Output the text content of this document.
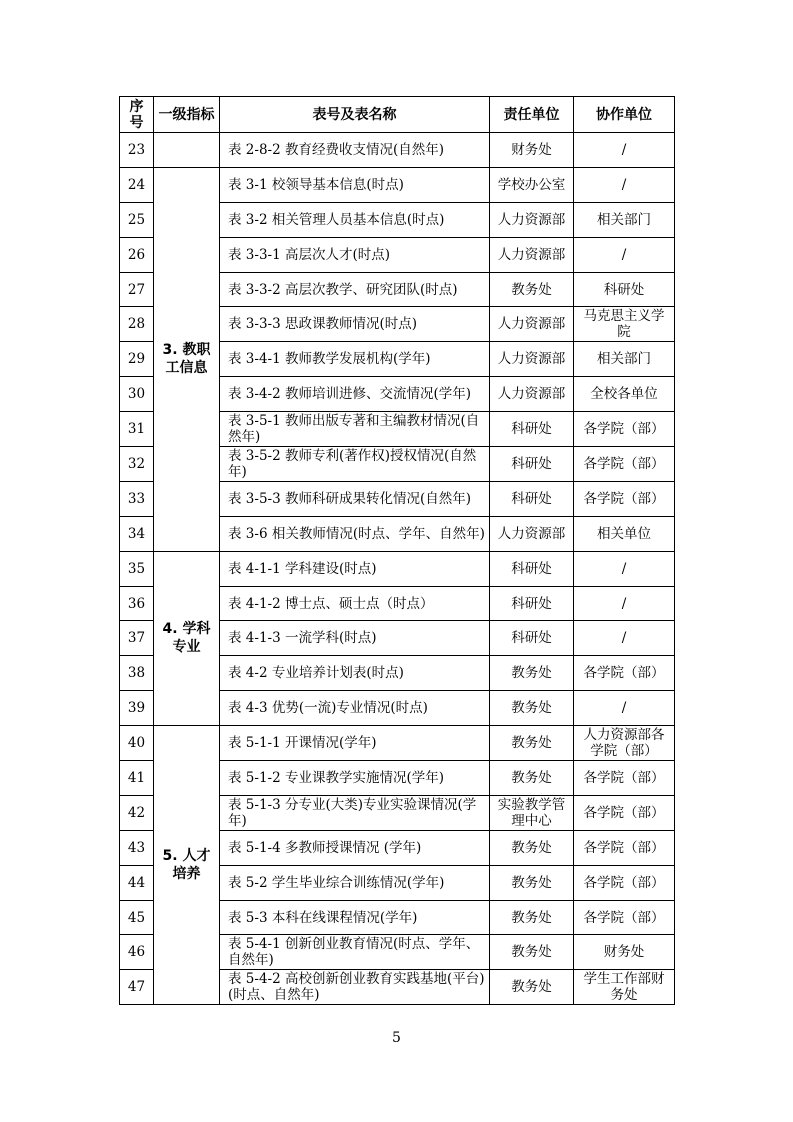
序号	一级指标	表号及表名称	责任单位	协作单位
23		表 2-8-2 教育经费收支情况(自然年)	财务处	/
24	3. 教职工信息	表 3-1 校领导基本信息(时点)	学校办公室	/
25		表 3-2 相关管理人员基本信息(时点)	人力资源部	相关部门
26		表 3-3-1 高层次人才(时点)	人力资源部	/
27		表 3-3-2 高层次教学、研究团队(时点)	教务处	科研处
28		表 3-3-3 思政课教师情况(时点)	人力资源部	马克思主义学院
29		表 3-4-1 教师教学发展机构(学年)	人力资源部	相关部门
30		表 3-4-2 教师培训进修、交流情况(学年)	人力资源部	全校各单位
31		表 3-5-1 教师出版专著和主编教材情况(自然年)	科研处	各学院（部）
32		表 3-5-2 教师专利(著作权)授权情况(自然年)	科研处	各学院（部）
33		表 3-5-3 教师科研成果转化情况(自然年)	科研处	各学院（部）
34		表 3-6 相关教师情况(时点、学年、自然年)	人力资源部	相关单位
35	4. 学科专业	表 4-1-1 学科建设(时点)	科研处	/
36		表 4-1-2 博士点、硕士点（时点）	科研处	/
37		表 4-1-3 一流学科(时点)	科研处	/
38		表 4-2 专业培养计划表(时点)	教务处	各学院（部）
39		表 4-3 优势(一流)专业情况(时点)	教务处	/
40	5. 人才培养	表 5-1-1 开课情况(学年)	教务处	人力资源部各学院（部）
41		表 5-1-2 专业课教学实施情况(学年)	教务处	各学院（部）
42		表 5-1-3 分专业(大类)专业实验课情况(学年)	实验教学管理中心	各学院（部）
43		表 5-1-4 多教师授课情况 (学年)	教务处	各学院（部）
44		表 5-2 学生毕业综合训练情况(学年)	教务处	各学院（部）
45		表 5-3 本科在线课程情况(学年)	教务处	各学院（部）
46		表 5-4-1 创新创业教育情况(时点、学年、自然年)	教务处	财务处
47		表 5-4-2 高校创新创业教育实践基地(平台)(时点、自然年)	教务处	学生工作部财务处
5
